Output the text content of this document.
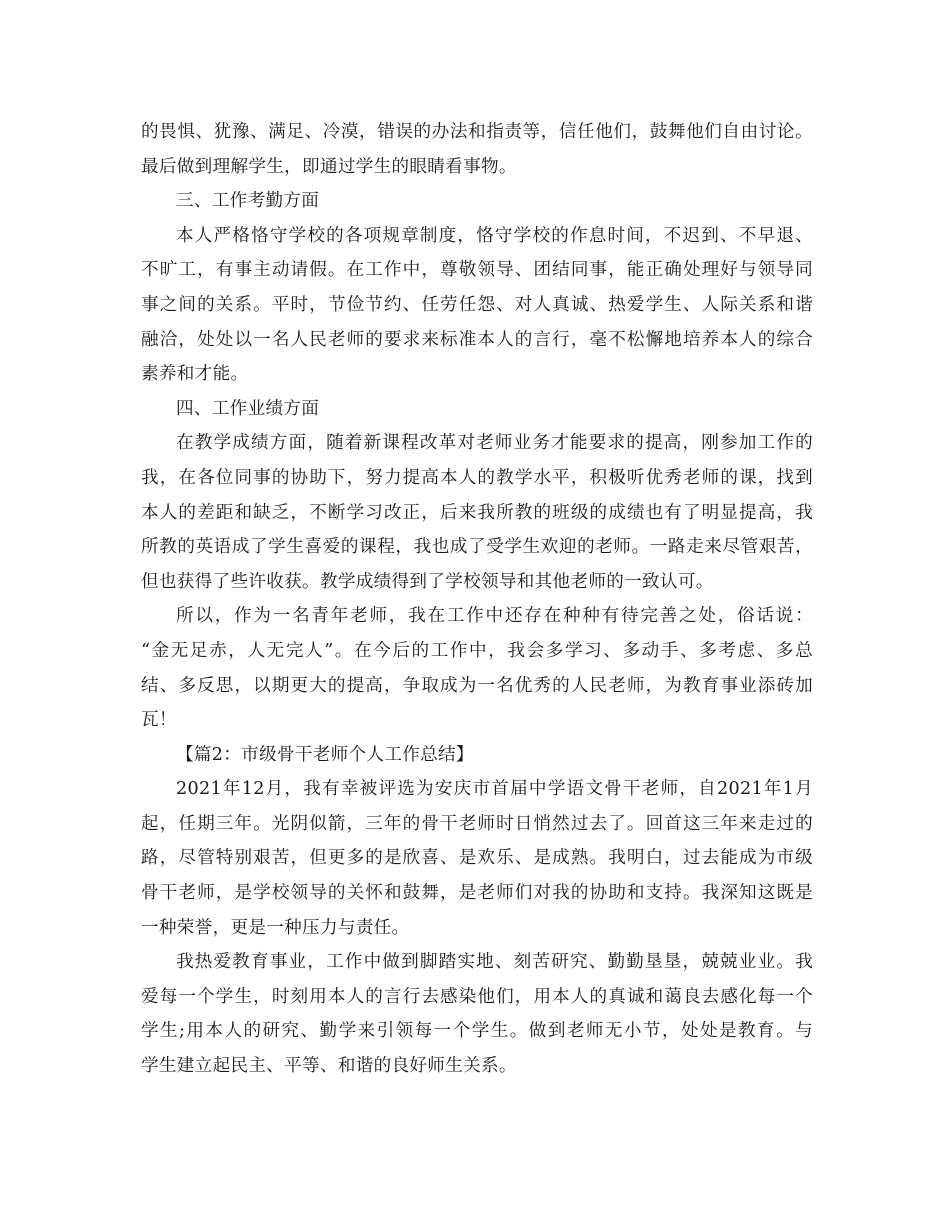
的畏惧、犹豫、满足、冷漠，错误的办法和指责等，信任他们，鼓舞他们自由讨论。
最后做到理解学生，即通过学生的眼睛看事物。
三、工作考勤方面
本人严格恪守学校的各项规章制度，恪守学校的作息时间，不迟到、不早退、
不旷工，有事主动请假。在工作中，尊敬领导、团结同事，能正确处理好与领导同
事之间的关系。平时，节俭节约、任劳任怨、对人真诚、热爱学生、人际关系和谐
融洽，处处以一名人民老师的要求来标准本人的言行，毫不松懈地培养本人的综合
素养和才能。
四、工作业绩方面
在教学成绩方面，随着新课程改革对老师业务才能要求的提高，刚参加工作的
我，在各位同事的协助下，努力提高本人的教学水平，积极听优秀老师的课，找到
本人的差距和缺乏，不断学习改正，后来我所教的班级的成绩也有了明显提高，我
所教的英语成了学生喜爱的课程，我也成了受学生欢迎的老师。一路走来尽管艰苦，
但也获得了些许收获。教学成绩得到了学校领导和其他老师的一致认可。
所以，作为一名青年老师，我在工作中还存在种种有待完善之处，俗话说：
“金无足赤，人无完人”。在今后的工作中，我会多学习、多动手、多考虑、多总
结、多反思，以期更大的提高，争取成为一名优秀的人民老师，为教育事业添砖加
瓦！
【篇2：市级骨干老师个人工作总结】
2021年12月，我有幸被评选为安庆市首届中学语文骨干老师，自2021年1月
起，任期三年。光阴似箭，三年的骨干老师时日悄然过去了。回首这三年来走过的
路，尽管特别艰苦，但更多的是欣喜、是欢乐、是成熟。我明白，过去能成为市级
骨干老师，是学校领导的关怀和鼓舞，是老师们对我的协助和支持。我深知这既是
一种荣誉，更是一种压力与责任。
我热爱教育事业，工作中做到脚踏实地、刻苦研究、勤勤垦垦，兢兢业业。我
爱每一个学生，时刻用本人的言行去感染他们，用本人的真诚和蔼良去感化每一个
学生;用本人的研究、勤学来引领每一个学生。做到老师无小节，处处是教育。与
学生建立起民主、平等、和谐的良好师生关系。
